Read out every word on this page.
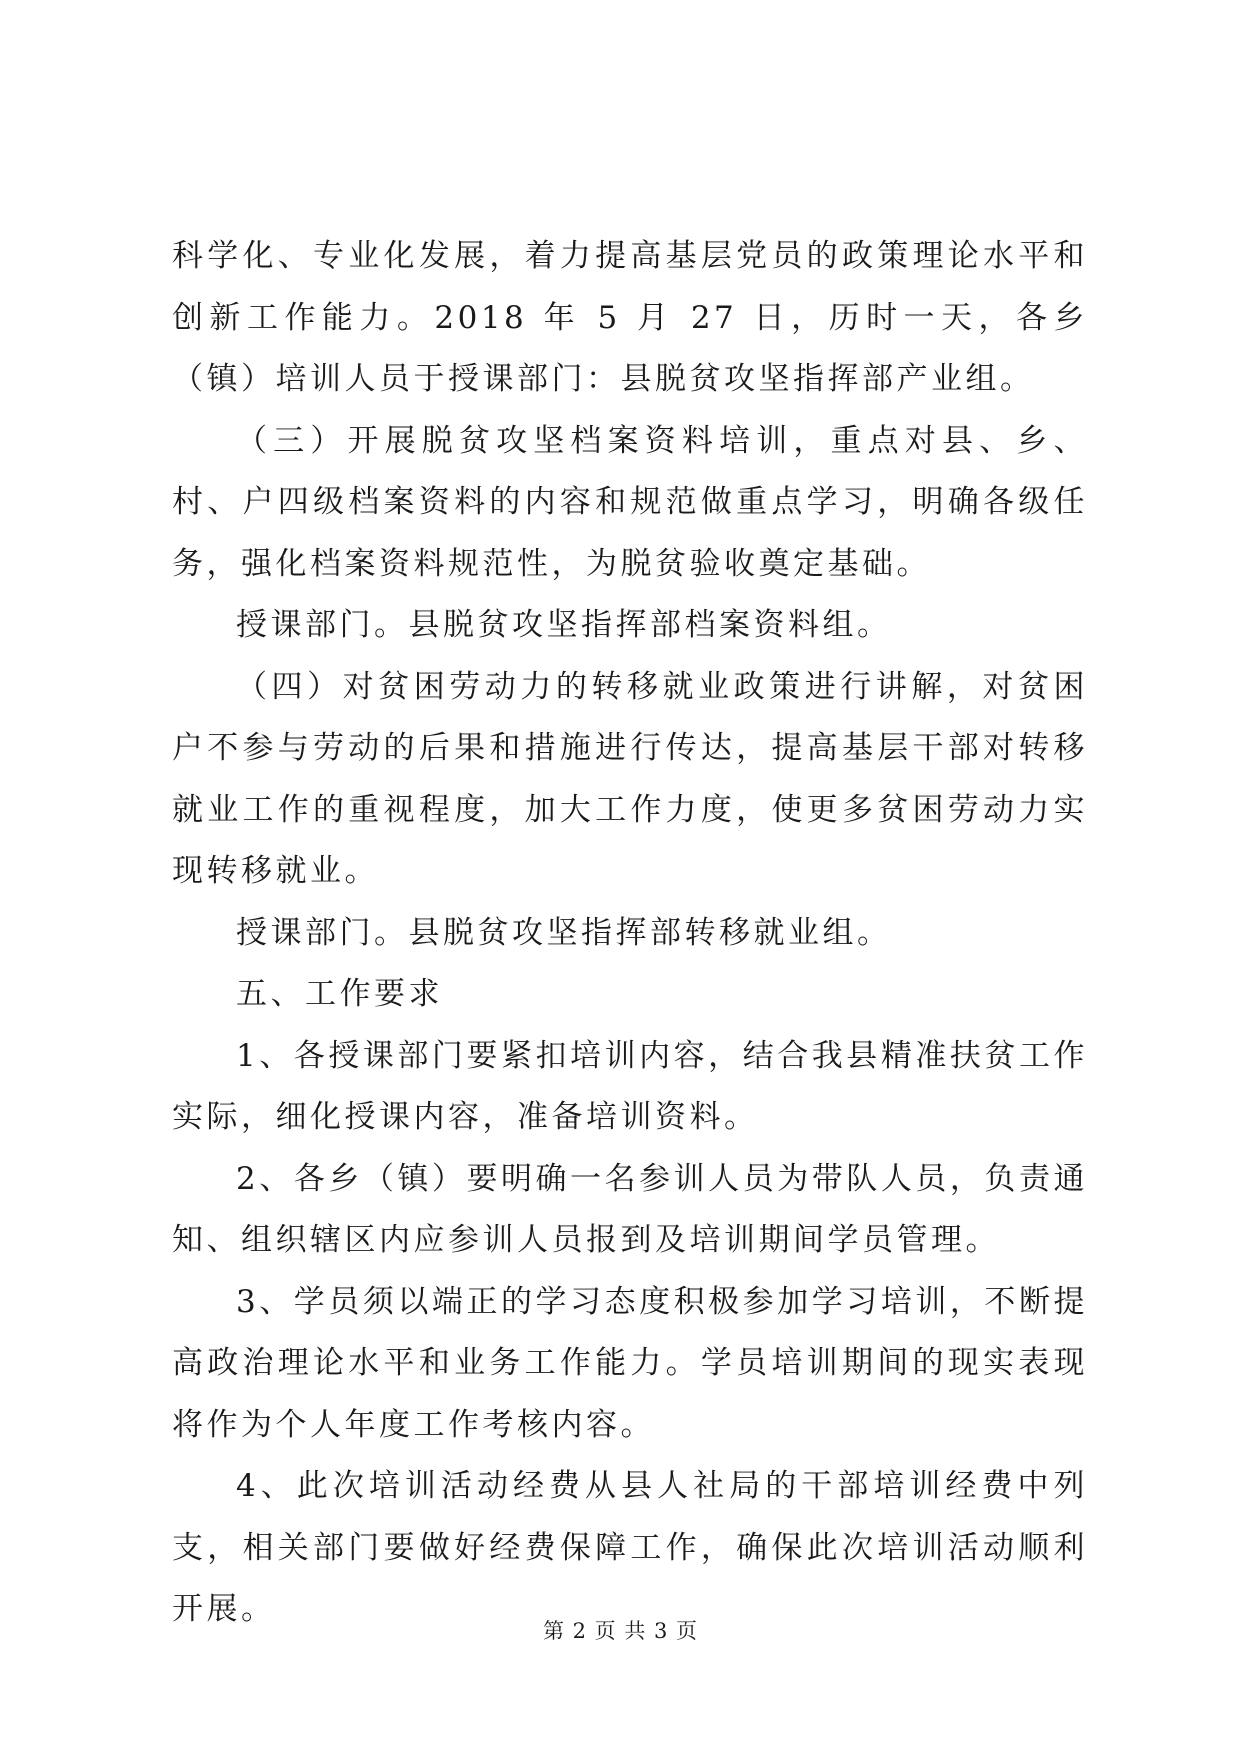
科学化、专业化发展，着力提高基层党员的政策理论水平和创新工作能力。2018 年 5 月 27 日，历时一天，各乡（镇）培训人员于授课部门：县脱贫攻坚指挥部产业组。

（三）开展脱贫攻坚档案资料培训，重点对县、乡、村、户四级档案资料的内容和规范做重点学习，明确各级任务，强化档案资料规范性，为脱贫验收奠定基础。

授课部门。县脱贫攻坚指挥部档案资料组。

（四）对贫困劳动力的转移就业政策进行讲解，对贫困户不参与劳动的后果和措施进行传达，提高基层干部对转移就业工作的重视程度，加大工作力度，使更多贫困劳动力实现转移就业。

授课部门。县脱贫攻坚指挥部转移就业组。

五、工作要求

1、各授课部门要紧扣培训内容，结合我县精准扶贫工作实际，细化授课内容，准备培训资料。

2、各乡（镇）要明确一名参训人员为带队人员，负责通知、组织辖区内应参训人员报到及培训期间学员管理。

3、学员须以端正的学习态度积极参加学习培训，不断提高政治理论水平和业务工作能力。学员培训期间的现实表现将作为个人年度工作考核内容。

4、此次培训活动经费从县人社局的干部培训经费中列支，相关部门要做好经费保障工作，确保此次培训活动顺利开展。

第 2 页 共 3 页
